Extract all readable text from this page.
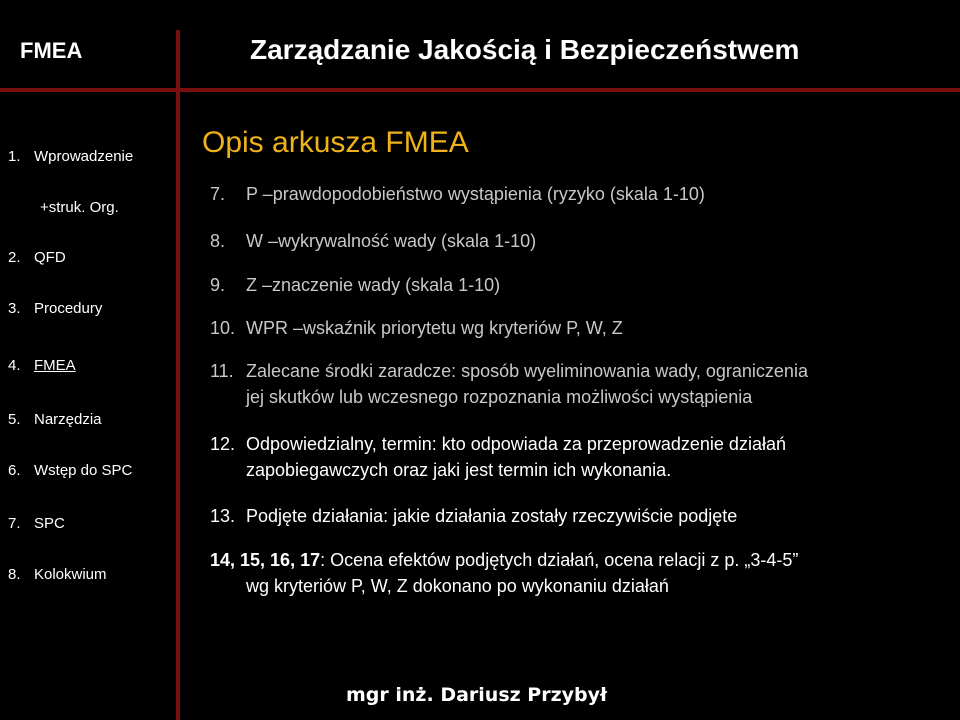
FMEA	Zarządzanie Jakością i Bezpieczeństwem
1. Wprowadzenie
+struk. Org.
2. QFD
3. Procedury
4. FMEA
5. Narzędzia
6. Wstęp do SPC
7. SPC
8. Kolokwium
Opis arkusza FMEA
7. P –prawdopodobieństwo wystąpienia (ryzyko (skala 1-10)
8. W –wykrywalność wady (skala 1-10)
9. Z –znaczenie wady (skala 1-10)
10. WPR –wskaźnik priorytetu wg kryteriów P, W, Z
11. Zalecane środki zaradcze: sposób wyeliminowania wady, ograniczenia
jej skutków lub wczesnego rozpoznania możliwości wystąpienia
12. Odpowiedzialny, termin: kto odpowiada za przeprowadzenie działań
zapobiegawczych oraz jaki jest termin ich wykonania.
13. Podjęte działania: jakie działania zostały rzeczywiście podjęte
14, 15, 16, 17: Ocena efektów podjętych działań, ocena relacji z p. „3-4-5”
wg kryteriów P, W, Z dokonano po wykonaniu działań
mgr inż. Dariusz Przybył
